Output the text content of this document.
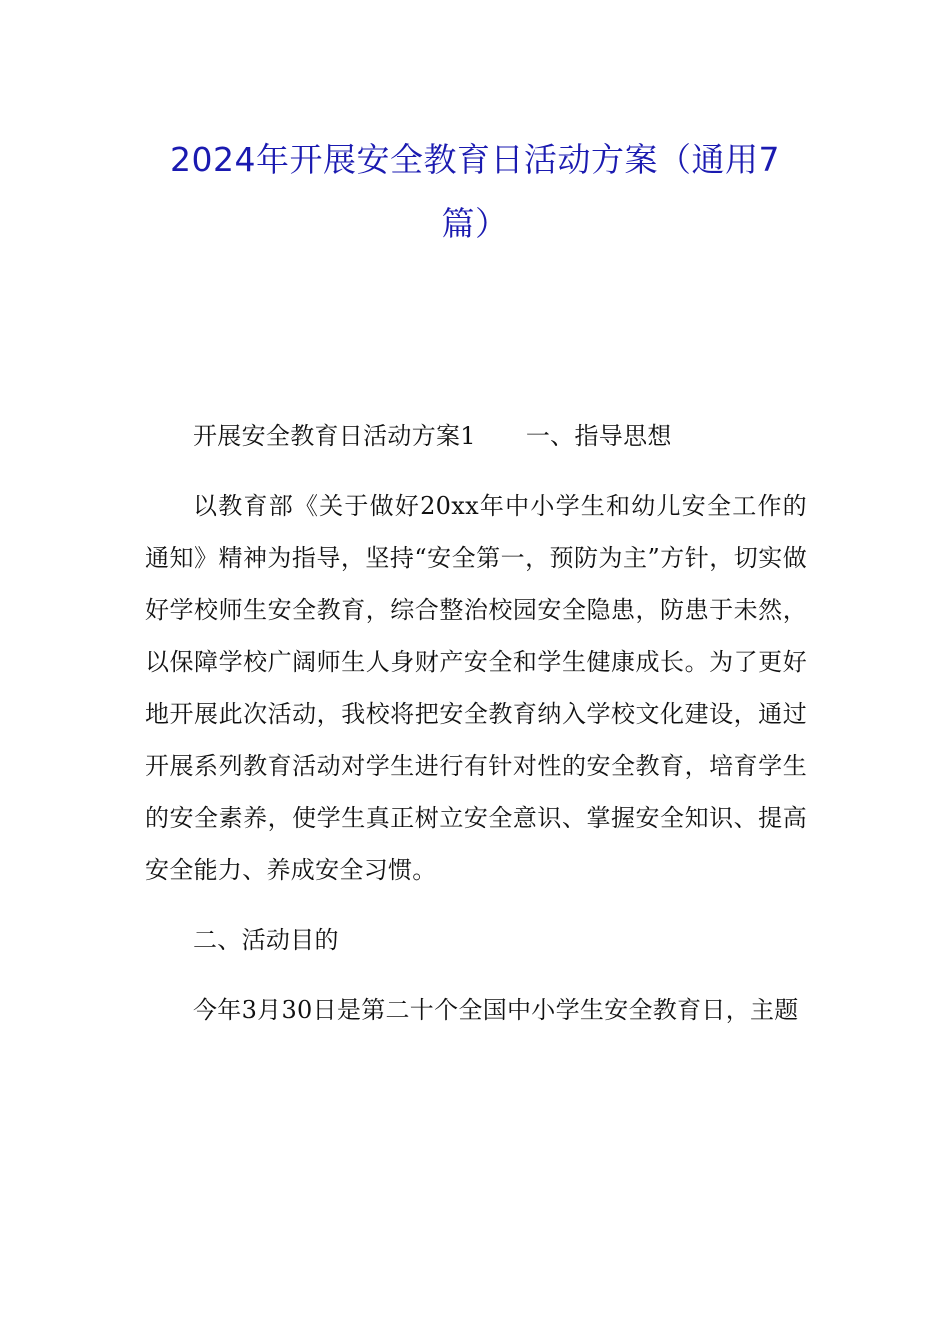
2024年开展安全教育日活动方案（通用7
篇）

开展安全教育日活动方案1 一、指导思想

以教育部《关于做好20xx年中小学生和幼儿安全工作的通知》精神为指导，坚持“安全第一，预防为主”方针，切实做好学校师生安全教育，综合整治校园安全隐患，防患于未然，以保障学校广阔师生人身财产安全和学生健康成长。为了更好地开展此次活动，我校将把安全教育纳入学校文化建设，通过开展系列教育活动对学生进行有针对性的安全教育，培育学生的安全素养，使学生真正树立安全意识、掌握安全知识、提高安全能力、养成安全习惯。

二、活动目的

今年3月30日是第二十个全国中小学生安全教育日，主题
